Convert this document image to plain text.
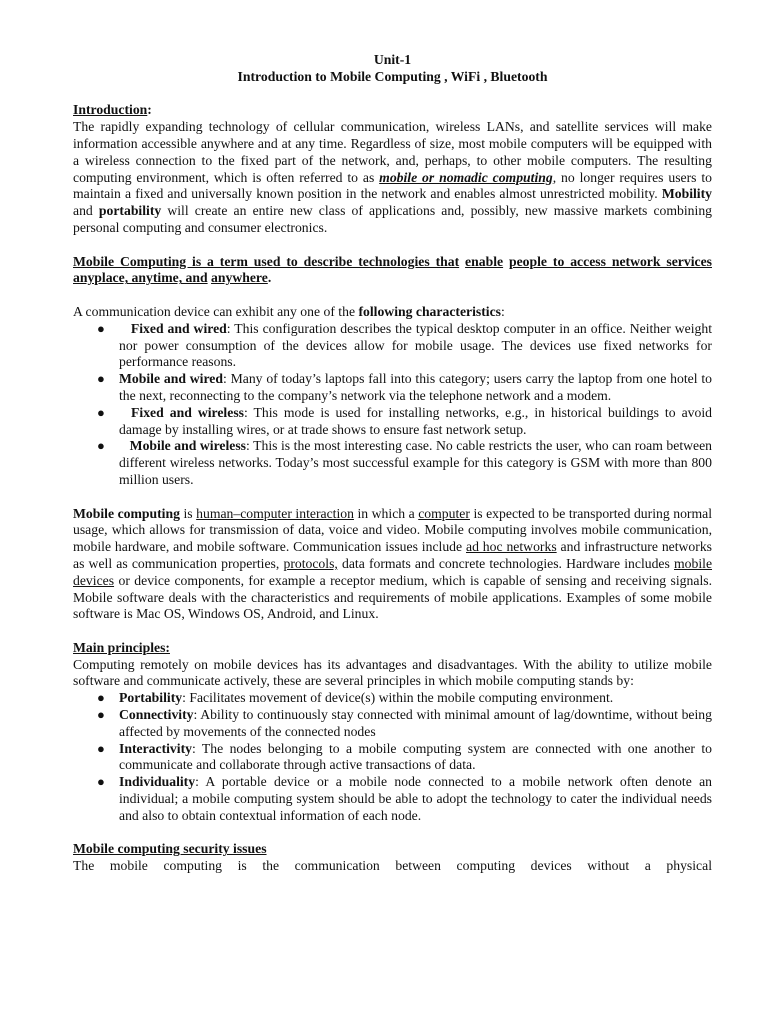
Unit-1

Introduction to Mobile Computing , WiFi , Bluetooth

Introduction:

The rapidly expanding technology of cellular communication, wireless LANs, and satellite services will make information accessible anywhere and at any time. Regardless of size, most mobile computers will be equipped with a wireless connection to the fixed part of the network, and, perhaps, to other mobile computers. The resulting computing environment, which is often referred to as mobile or nomadic computing, no longer requires users to maintain a fixed and universally known position in the network and enables almost unrestricted mobility. Mobility and portability will create an entire new class of applications and, possibly, new massive markets combining personal computing and consumer electronics.

Mobile Computing is a term used to describe technologies that enable people to access network services anyplace, anytime, and anywhere.

A communication device can exhibit any one of the following characteristics:

● Fixed and wired: This configuration describes the typical desktop computer in an office. Neither weight nor power consumption of the devices allow for mobile usage. The devices use fixed networks for performance reasons.
● Mobile and wired: Many of today’s laptops fall into this category; users carry the laptop from one hotel to the next, reconnecting to the company’s network via the telephone network and a modem.
● Fixed and wireless: This mode is used for installing networks, e.g., in historical buildings to avoid damage by installing wires, or at trade shows to ensure fast network setup.
● Mobile and wireless: This is the most interesting case. No cable restricts the user, who can roam between different wireless networks. Today’s most successful example for this category is GSM with more than 800 million users.

Mobile computing is human–computer interaction in which a computer is expected to be transported during normal usage, which allows for transmission of data, voice and video. Mobile computing involves mobile communication, mobile hardware, and mobile software. Communication issues include ad hoc networks and infrastructure networks as well as communication properties, protocols, data formats and concrete technologies. Hardware includes mobile devices or device components, for example a receptor medium, which is capable of sensing and receiving signals. Mobile software deals with the characteristics and requirements of mobile applications. Examples of some mobile software is Mac OS, Windows OS, Android, and Linux.

Main principles:

Computing remotely on mobile devices has its advantages and disadvantages. With the ability to utilize mobile software and communicate actively, these are several principles in which mobile computing stands by:

● Portability: Facilitates movement of device(s) within the mobile computing environment.
● Connectivity: Ability to continuously stay connected with minimal amount of lag/downtime, without being affected by movements of the connected nodes
● Interactivity: The nodes belonging to a mobile computing system are connected with one another to communicate and collaborate through active transactions of data.
● Individuality: A portable device or a mobile node connected to a mobile network often denote an individual; a mobile computing system should be able to adopt the technology to cater the individual needs and also to obtain contextual information of each node.

Mobile computing security issues

The mobile computing is the communication between computing devices without a physical
